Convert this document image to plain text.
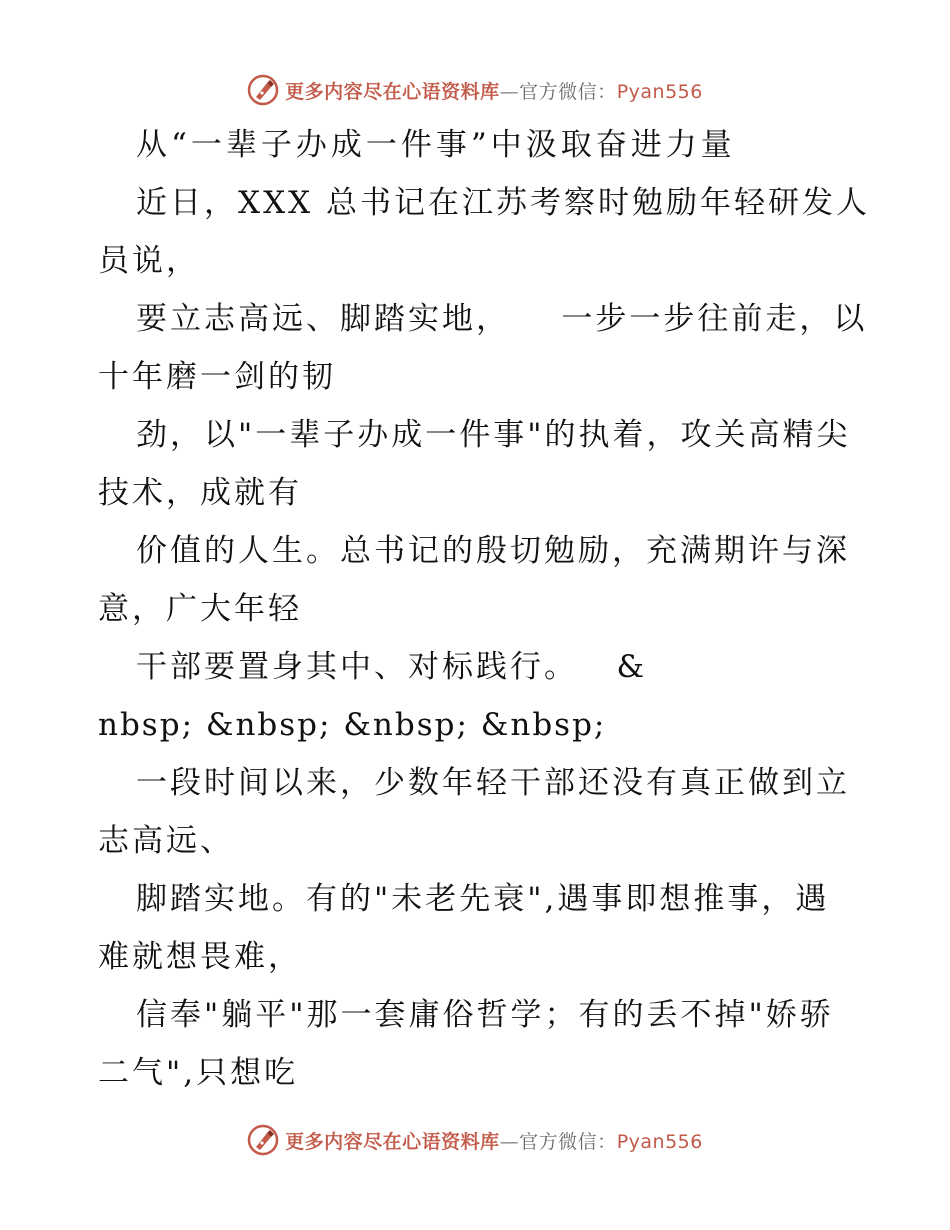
更多内容尽在心语资料库—官方微信：Pyan556
从“一辈子办成一件事”中汲取奋进力量
近日，XXX 总书记在江苏考察时勉励年轻研发人
员说，
要立志高远、脚踏实地，    一步一步往前走，以
十年磨一剑的韧
劲，以"一辈子办成一件事"的执着，攻关高精尖
技术，成就有
价值的人生。总书记的殷切勉励，充满期许与深
意，广大年轻
干部要置身其中、对标践行。   &
nbsp; &nbsp; &nbsp; &nbsp;
一段时间以来，少数年轻干部还没有真正做到立
志高远、
脚踏实地。有的"未老先衰",遇事即想推事，遇
难就想畏难，
信奉"躺平"那一套庸俗哲学；有的丢不掉"娇骄
二气",只想吃
更多内容尽在心语资料库—官方微信：Pyan556
